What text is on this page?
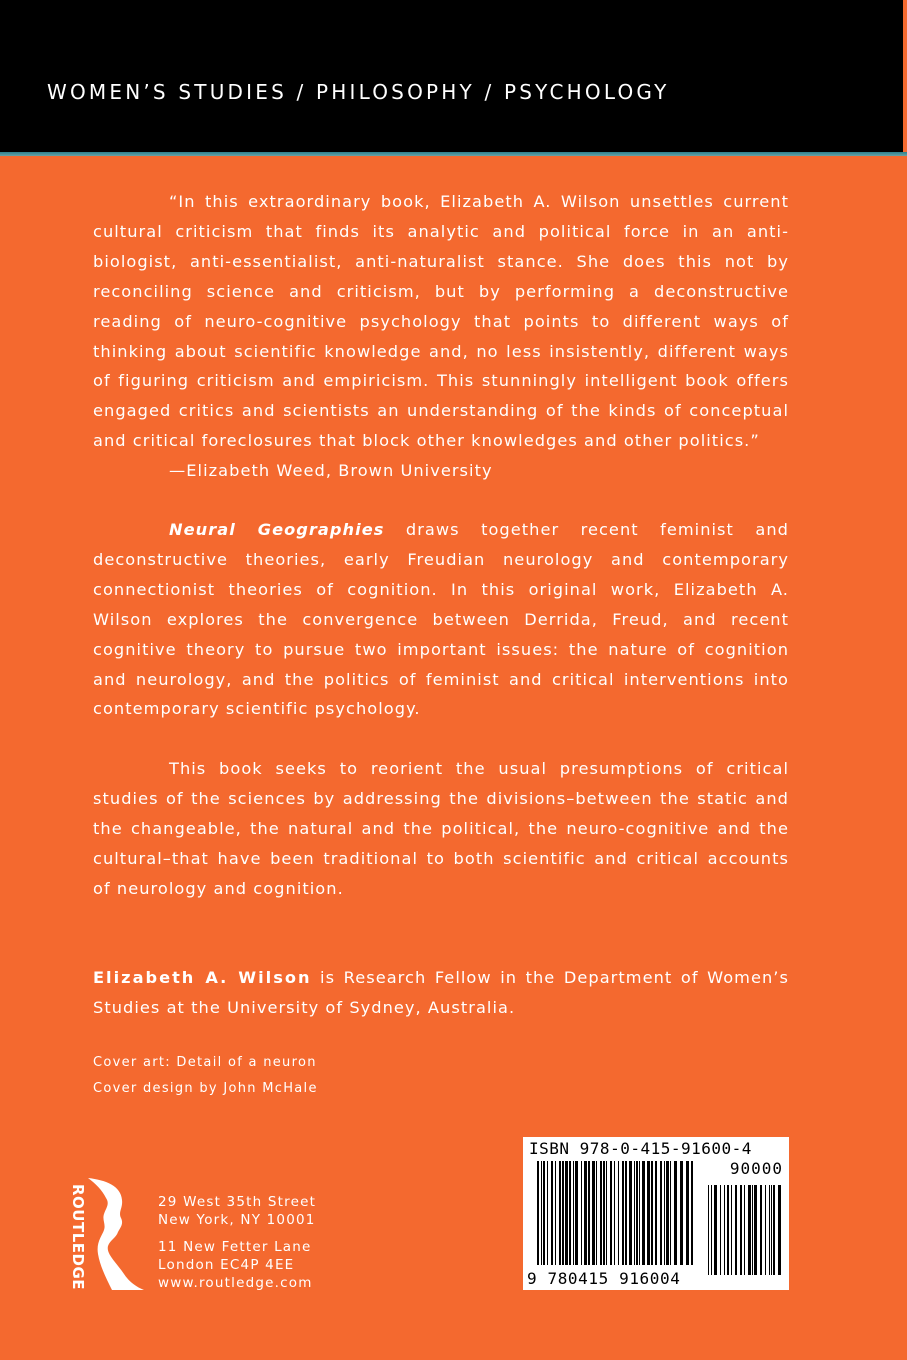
WOMEN’S STUDIES / PHILOSOPHY / PSYCHOLOGY

“In this extraordinary book, Elizabeth A. Wilson unsettles current cultural criticism that finds its analytic and political force in an anti-biologist, anti-essentialist, anti-naturalist stance. She does this not by reconciling science and criticism, but by performing a deconstructive reading of neuro-cognitive psychology that points to different ways of thinking about scientific knowledge and, no less insistently, different ways of figuring criticism and empiricism. This stunningly intelligent book offers engaged critics and scientists an understanding of the kinds of conceptual and critical foreclosures that block other knowledges and other politics.”

—Elizabeth Weed, Brown University

Neural Geographies draws together recent feminist and deconstructive theories, early Freudian neurology and contemporary connectionist theories of cognition. In this original work, Elizabeth A. Wilson explores the convergence between Derrida, Freud, and recent cognitive theory to pursue two important issues: the nature of cognition and neurology, and the politics of feminist and critical interventions into contemporary scientific psychology.

This book seeks to reorient the usual presumptions of critical studies of the sciences by addressing the divisions–between the static and the changeable, the natural and the political, the neuro-cognitive and the cultural–that have been traditional to both scientific and critical accounts of neurology and cognition.

Elizabeth A. Wilson is Research Fellow in the Department of Women’s Studies at the University of Sydney, Australia.

Cover art: Detail of a neuron
Cover design by John McHale
ROUTLEDGE	29 West 35th Street
New York, NY 10001
11 New Fetter Lane
London EC4P 4EE
www.routledge.com
ISBN 978-0-415-91600-4
90000
9 780415 916004
